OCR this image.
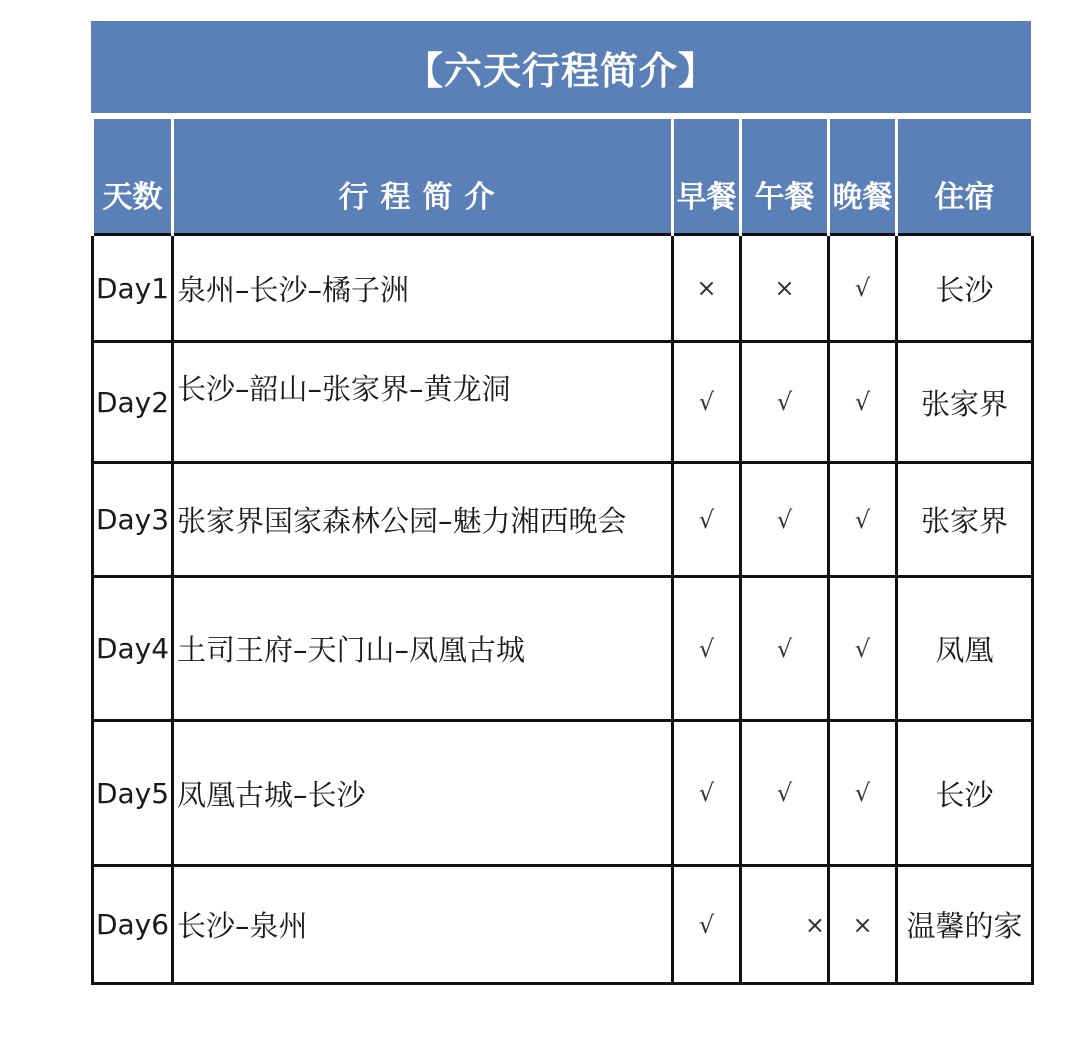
【六天行程简介】
天数	行程简介	早餐	午餐	晚餐	住宿

Day1	泉州–长沙–橘子洲	×	×	√	长沙
Day2	长沙–韶山–张家界–黄龙洞	√	√	√	张家界
Day3	张家界国家森林公园–魅力湘西晚会	√	√	√	张家界
Day4	土司王府–天门山–凤凰古城	√	√	√	凤凰
Day5	凤凰古城–长沙	√	√	√	长沙
Day6	长沙–泉州	√	×	×	温馨的家
